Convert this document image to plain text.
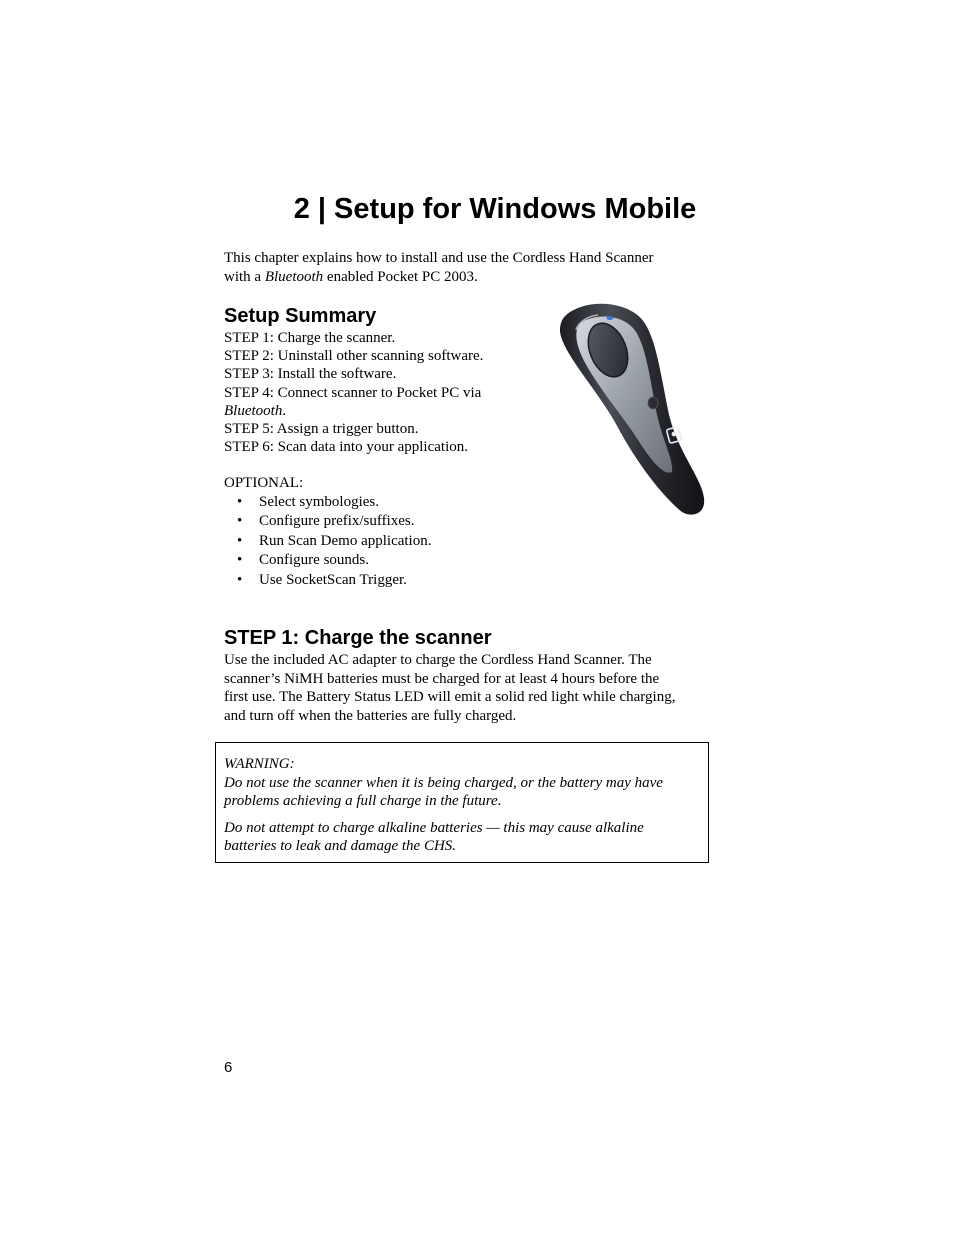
2 | Setup for Windows Mobile
This chapter explains how to install and use the Cordless Hand Scanner
with a Bluetooth enabled Pocket PC 2003.
Setup Summary
STEP 1: Charge the scanner.
STEP 2: Uninstall other scanning software.
STEP 3: Install the software.
STEP 4: Connect scanner to Pocket PC via
Bluetooth.
STEP 5: Assign a trigger button.
STEP 6: Scan data into your application.
OPTIONAL:
• Select symbologies.
• Configure prefix/suffixes.
• Run Scan Demo application.
• Configure sounds.
• Use SocketScan Trigger.
STEP 1: Charge the scanner
Use the included AC adapter to charge the Cordless Hand Scanner. The
scanner’s NiMH batteries must be charged for at least 4 hours before the
first use. The Battery Status LED will emit a solid red light while charging,
and turn off when the batteries are fully charged.

WARNING:

Do not use the scanner when it is being charged, or the battery may have

problems achieving a full charge in the future.

Do not attempt to charge alkaline batteries — this may cause alkaline

batteries to leak and damage the CHS.

6
